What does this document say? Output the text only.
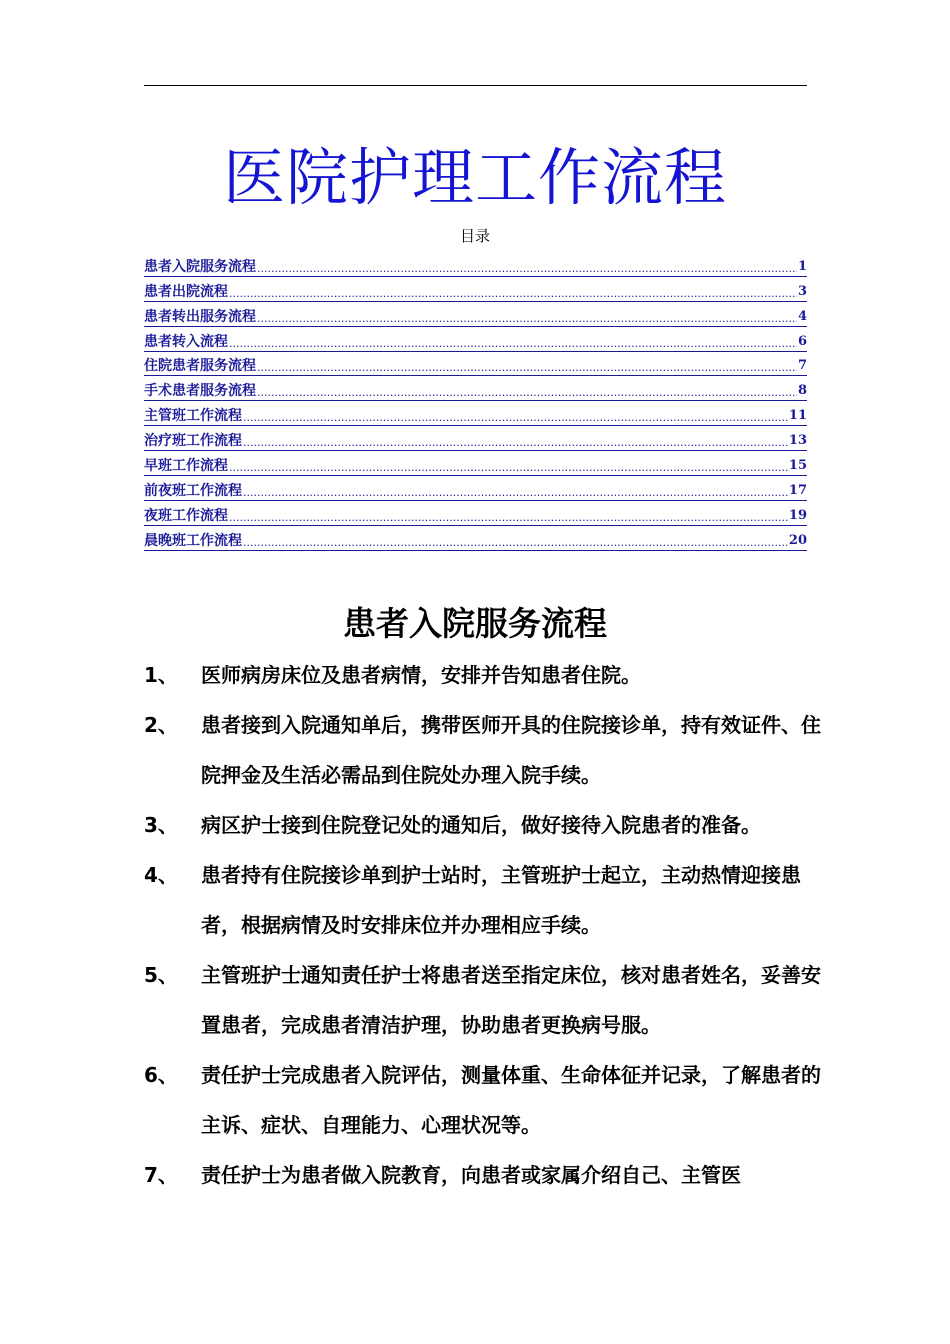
医院护理工作流程
目录
患者入院服务流程 .....	1
患者出院流程 .....	3
患者转出服务流程 .....	4
患者转入流程 .....	6
住院患者服务流程 .....	7
手术患者服务流程 .....	8
主管班工作流程 .....	11
治疗班工作流程 .....	13
早班工作流程 .....	15
前夜班工作流程 .....	17
夜班工作流程 .....	19
晨晚班工作流程 .....	20
患者入院服务流程
1、	医师病房床位及患者病情，安排并告知患者住院。
2、	患者接到入院通知单后，携带医师开具的住院接诊单，持有效证件、住院押金及生活必需品到住院处办理入院手续。
3、	病区护士接到住院登记处的通知后，做好接待入院患者的准备。
4、	患者持有住院接诊单到护士站时，主管班护士起立，主动热情迎接患者，根据病情及时安排床位并办理相应手续。
5、	主管班护士通知责任护士将患者送至指定床位，核对患者姓名，妥善安置患者，完成患者清洁护理，协助患者更换病号服。
6、	责任护士完成患者入院评估，测量体重、生命体征并记录，了解患者的主诉、症状、自理能力、心理状况等。
7、	责任护士为患者做入院教育，向患者或家属介绍自己、主管医
